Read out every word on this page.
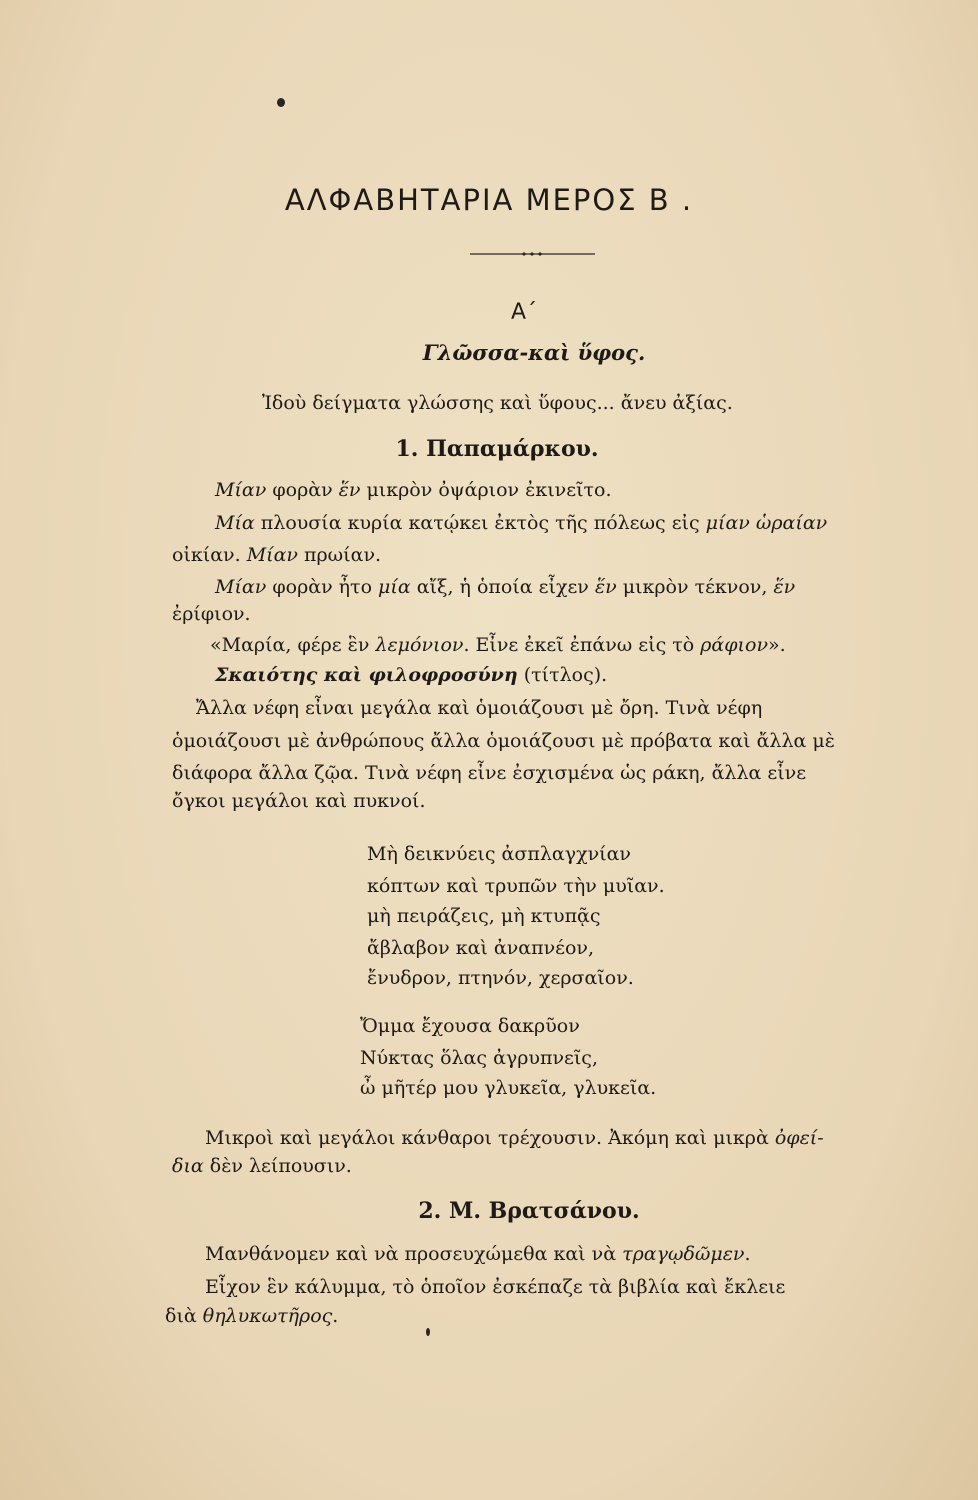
ΑΛΦΑΒΗΤΑΡΙΑ ΜΕΡΟΣ Β .
Α΄
Γλῶσσα-καὶ ὕφος.
Ἰδοὺ δείγματα γλώσσης καὶ ὕφους... ἄνευ ἀξίας.
1. Παπαμάρκου.
Μίαν φορὰν ἕν μικρὸν ὀψάριον ἐκινεῖτο.
Μία πλουσία κυρία κατῴκει ἐκτὸς τῆς πόλεως εἰς μίαν ὡραίαν
οἰκίαν. Μίαν πρωίαν.
Μίαν φορὰν ἦτο μία αἴξ, ἡ ὁποία εἶχεν ἕν μικρὸν τέκνον, ἕν
ἐρίφιον.
«Μαρία, φέρε ἓν λεμόνιον. Εἶνε ἐκεῖ ἐπάνω εἰς τὸ ράφιον».
Σκαιότης καὶ φιλοφροσύνη (τίτλος).
Ἄλλα νέφη εἶναι μεγάλα καὶ ὁμοιάζουσι μὲ ὄρη. Τινὰ νέφη
ὁμοιάζουσι μὲ ἀνθρώπους ἄλλα ὁμοιάζουσι μὲ πρόβατα καὶ ἄλλα μὲ
διάφορα ἄλλα ζῷα. Τινὰ νέφη εἶνε ἐσχισμένα ὡς ράκη, ἄλλα εἶνε
ὄγκοι μεγάλοι καὶ πυκνοί.
Μὴ δεικνύεις ἀσπλαγχνίαν
κόπτων καὶ τρυπῶν τὴν μυῖαν.
μὴ πειράζεις, μὴ κτυπᾷς
ἄβλαβον καὶ ἀναπνέον,
ἔνυδρον, πτηνόν, χερσαῖον.
Ὄμμα ἔχουσα δακρῦον
Νύκτας ὅλας ἀγρυπνεῖς,
ὦ μῆτέρ μου γλυκεῖα, γλυκεῖα.
Μικροὶ καὶ μεγάλοι κάνθαροι τρέχουσιν. Ἀκόμη καὶ μικρὰ ὀφεί-
δια δὲν λείπουσιν.
2. Μ. Βρατσάνου.
Μανθάνομεν καὶ νὰ προσευχώμεθα καὶ νὰ τραγῳδῶμεν.
Εἶχον ἓν κάλυμμα, τὸ ὁποῖον ἐσκέπαζε τὰ βιβλία καὶ ἔκλειε
διὰ θηλυκωτῆρος.
